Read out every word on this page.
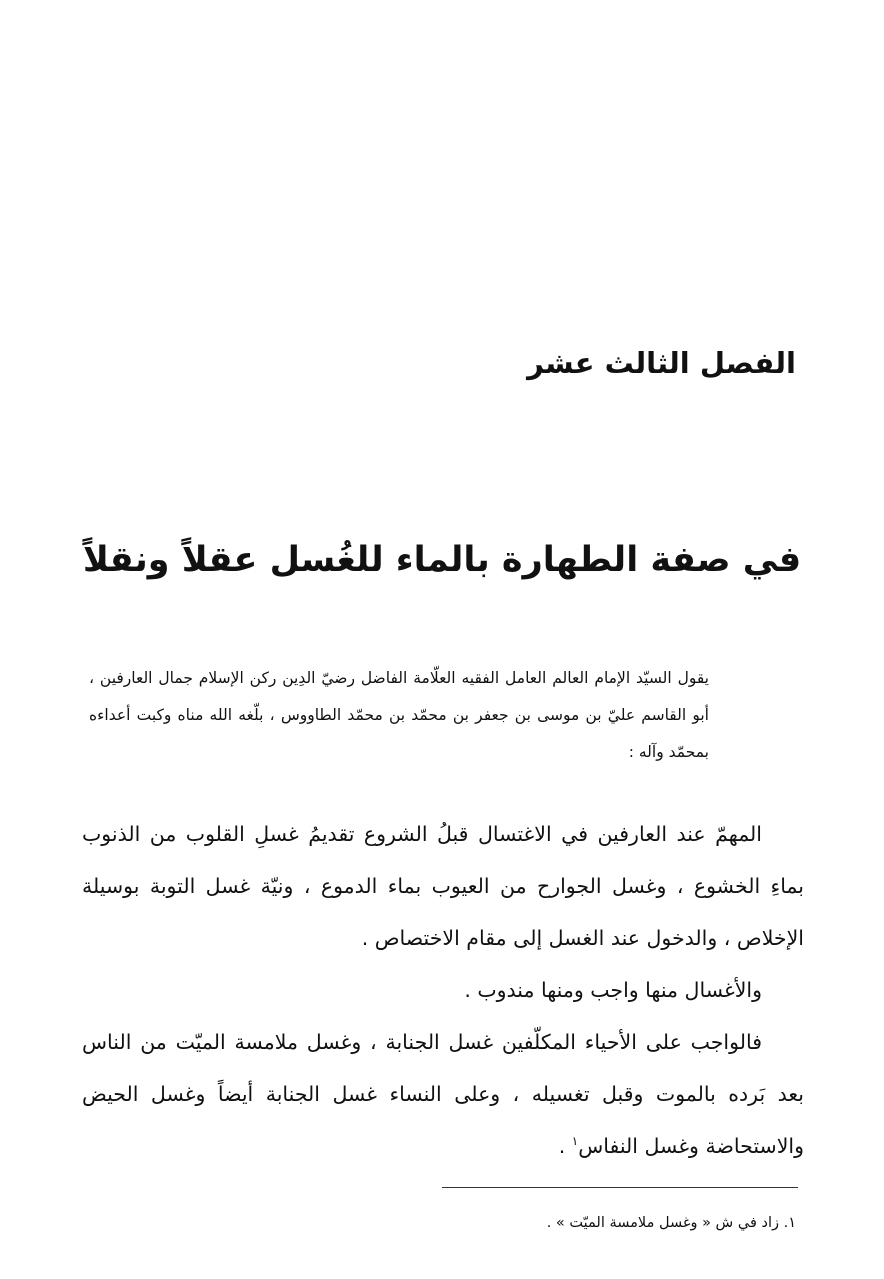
الفصل الثالث عشر
في صفة الطهارة بالماء للغُسل عقلاً ونقلاً

يقول السيّد الإمام العالم العامل الفقيه العلّامة الفاضل رضيّ الدِين ركن الإسلام جمال العارفين ، أبو القاسم عليّ بن موسى بن جعفر بن محمّد بن محمّد الطاووس ، بلّغه الله مناه وكبت أعداءه بمحمّد وآله :

المهمّ عند العارفين في الاغتسال قبلُ الشروع تقديمُ غسلِ القلوب من الذنوب بماءِ الخشوع ، وغسل الجوارح من العيوب بماء الدموع ، ونيّة غسل التوبة بوسيلة الإخلاص ، والدخول عند الغسل إلى مقام الاختصاص .

والأغسال منها واجب ومنها مندوب .

فالواجب على الأحياء المكلّفين غسل الجنابة ، وغسل ملامسة الميّت من الناس بعد بَرده بالموت وقبل تغسيله ، وعلى النساء غسل الجنابة أيضاً وغسل الحيض والاستحاضة وغسل النفاس$^١$ .

١. زاد في ش « وغسل ملامسة الميّت » .
